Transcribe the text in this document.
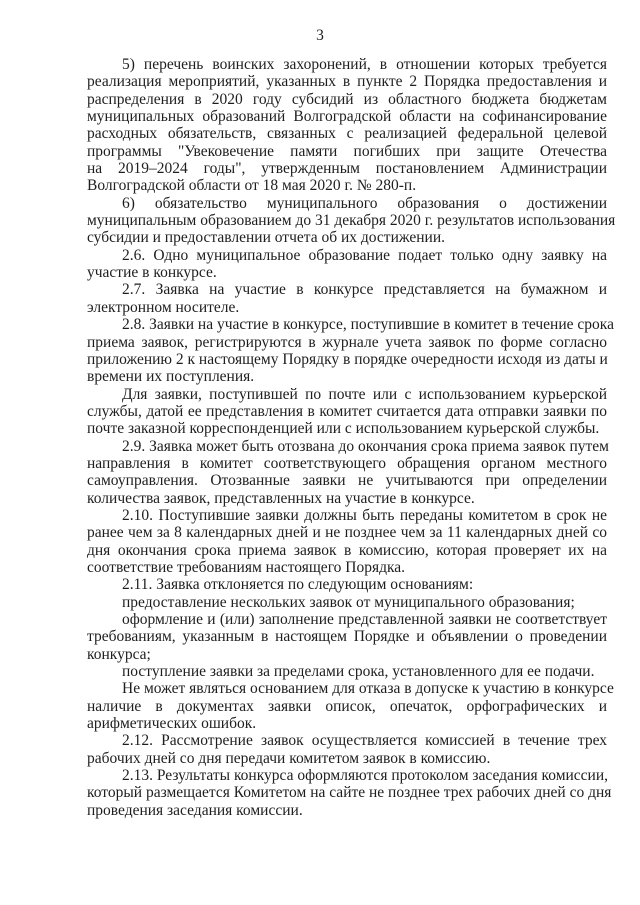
3
5) перечень воинских захоронений, в отношении которых требуется
реализация мероприятий, указанных в пункте 2 Порядка предоставления и
распределения в 2020 году субсидий из областного бюджета бюджетам
муниципальных образований Волгоградской области на софинансирование
расходных обязательств, связанных с реализацией федеральной целевой
программы "Увековечение памяти погибших при защите Отечества
на 2019–2024 годы", утвержденным постановлением Администрации
Волгоградской области от 18 мая 2020 г. № 280-п.
6) обязательство муниципального образования о достижении
муниципальным образованием до 31 декабря 2020 г. результатов использования
субсидии и предоставлении отчета об их достижении.
2.6. Одно муниципальное образование подает только одну заявку на
участие в конкурсе.
2.7. Заявка на участие в конкурсе представляется на бумажном и
электронном носителе.
2.8. Заявки на участие в конкурсе, поступившие в комитет в течение срока
приема заявок, регистрируются в журнале учета заявок по форме согласно
приложению 2 к настоящему Порядку в порядке очередности исходя из даты и
времени их поступления.
Для заявки, поступившей по почте или с использованием курьерской
службы, датой ее представления в комитет считается дата отправки заявки по
почте заказной корреспонденцией или с использованием курьерской службы.
2.9. Заявка может быть отозвана до окончания срока приема заявок путем
направления в комитет соответствующего обращения органом местного
самоуправления. Отозванные заявки не учитываются при определении
количества заявок, представленных на участие в конкурсе.
2.10. Поступившие заявки должны быть переданы комитетом в срок не
ранее чем за 8 календарных дней и не позднее чем за 11 календарных дней со
дня окончания срока приема заявок в комиссию, которая проверяет их на
соответствие требованиям настоящего Порядка.
2.11. Заявка отклоняется по следующим основаниям:
предоставление нескольких заявок от муниципального образования;
оформление и (или) заполнение представленной заявки не соответствует
требованиям, указанным в настоящем Порядке и объявлении о проведении
конкурса;
поступление заявки за пределами срока, установленного для ее подачи.
Не может являться основанием для отказа в допуске к участию в конкурсе
наличие в документах заявки описок, опечаток, орфографических и
арифметических ошибок.
2.12. Рассмотрение заявок осуществляется комиссией в течение трех
рабочих дней со дня передачи комитетом заявок в комиссию.
2.13. Результаты конкурса оформляются протоколом заседания комиссии,
который размещается Комитетом на сайте не позднее трех рабочих дней со дня
проведения заседания комиссии.
